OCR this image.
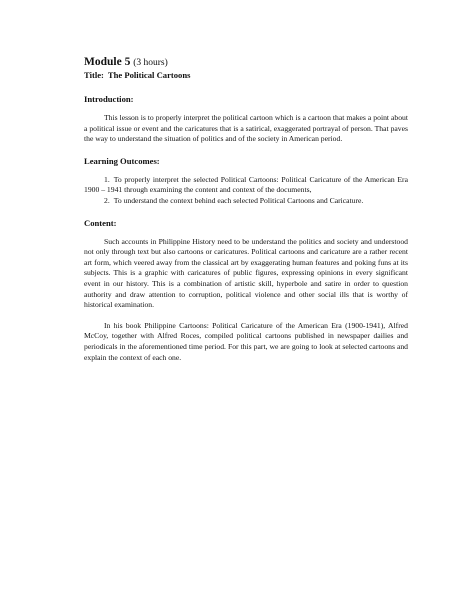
Module 5 (3 hours)

Title: The Political Cartoons

Introduction:

This lesson is to properly interpret the political cartoon which is a cartoon that makes a point about a political issue or event and the caricatures that is a satirical, exaggerated portrayal of person. That paves the way to understand the situation of politics and of the society in American period.

Learning Outcomes:

1. To properly interpret the selected Political Cartoons: Political Caricature of the American Era 1900 – 1941 through examining the content and context of the documents,

2. To understand the context behind each selected Political Cartoons and Caricature.

Content:

Such accounts in Philippine History need to be understand the politics and society and understood not only through text but also cartoons or caricatures. Political cartoons and caricature are a rather recent art form, which veered away from the classical art by exaggerating human features and poking funs at its subjects. This is a graphic with caricatures of public figures, expressing opinions in every significant event in our history. This is a combination of artistic skill, hyperbole and satire in order to question authority and draw attention to corruption, political violence and other social ills that is worthy of historical examination.

In his book Philippine Cartoons: Political Caricature of the American Era (1900-1941), Alfred McCoy, together with Alfred Roces, compiled political cartoons published in newspaper dailies and periodicals in the aforementioned time period. For this part, we are going to look at selected cartoons and explain the context of each one.
